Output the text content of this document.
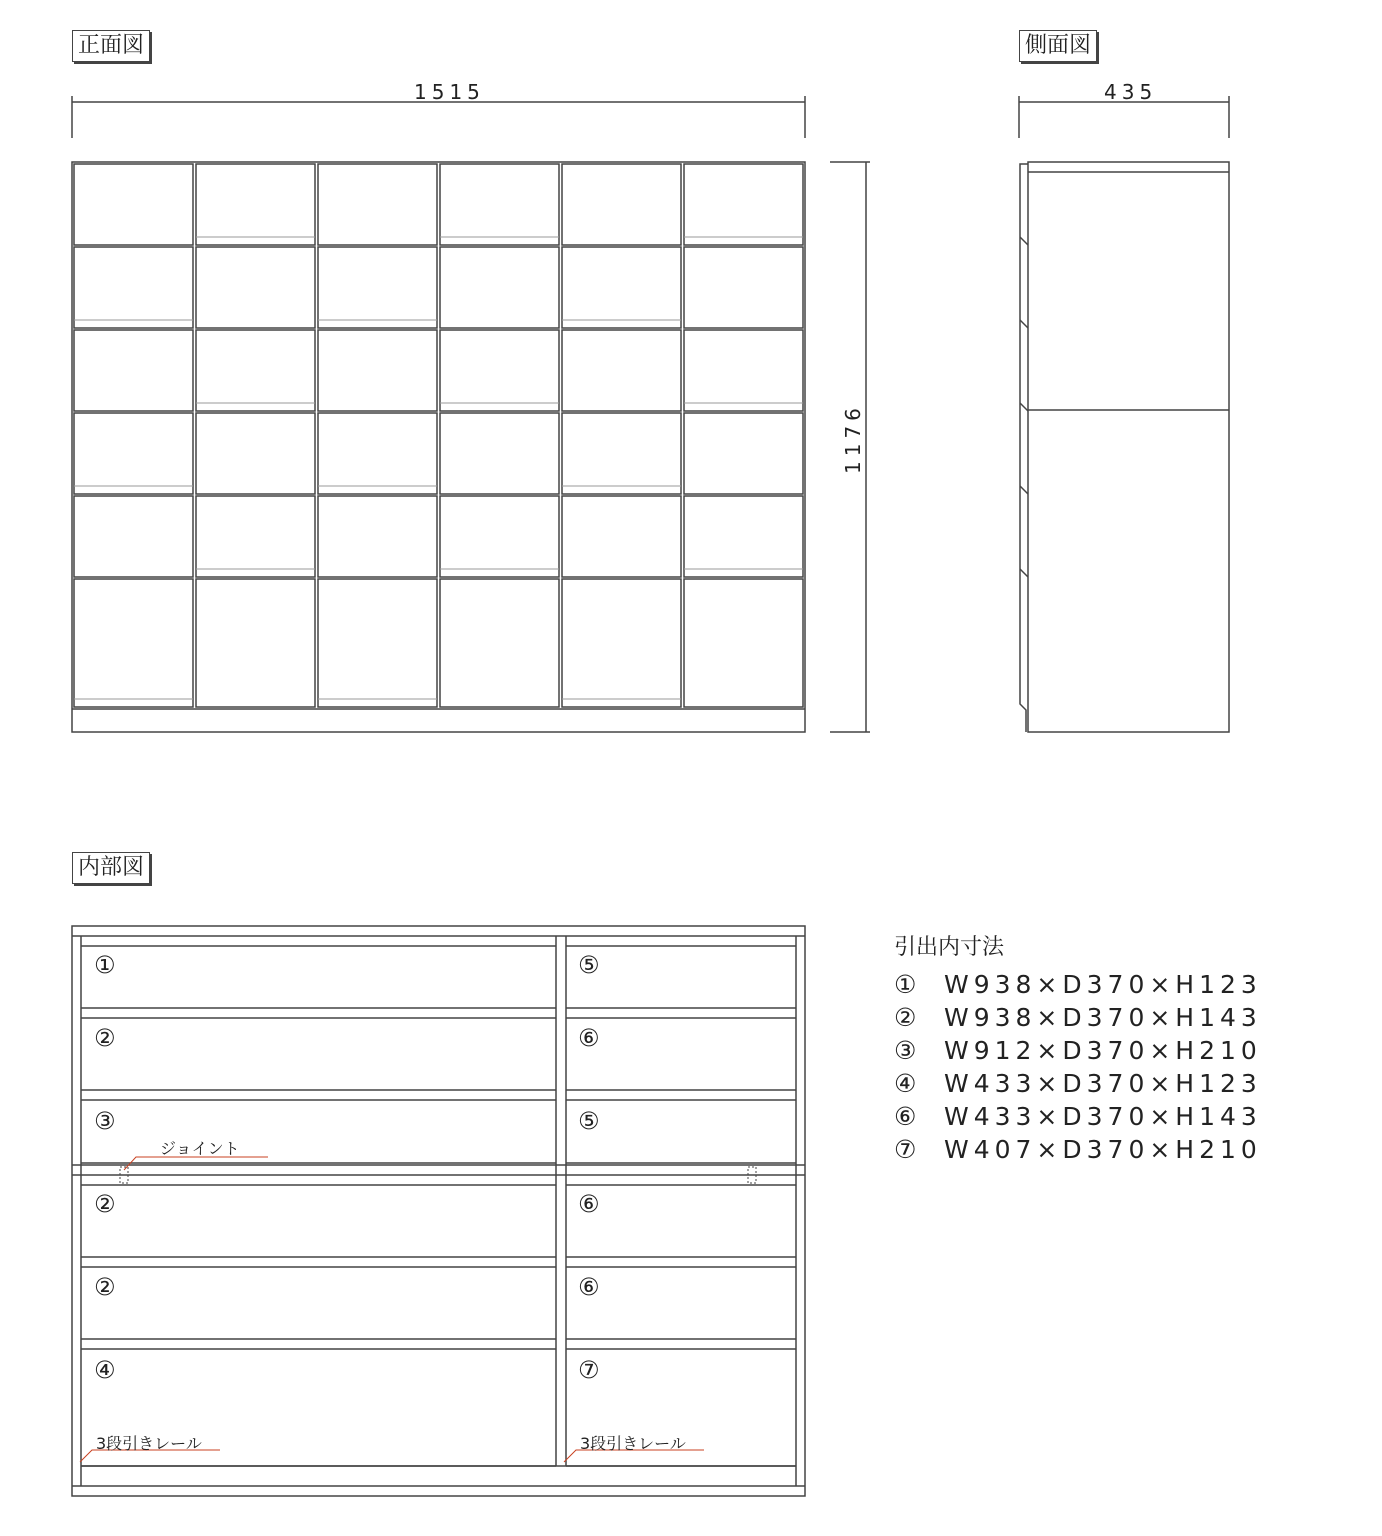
正面図
1515
1176
側面図
435
内部図
①
②
③
②
②
④
⑤
⑥
⑤
⑥
⑥
⑦
ジョイント
3段引きレール	3段引きレール
引出内寸法
① W938×D370×H123
② W938×D370×H143
③ W912×D370×H210
④ W433×D370×H123
⑥ W433×D370×H143
⑦ W407×D370×H210
